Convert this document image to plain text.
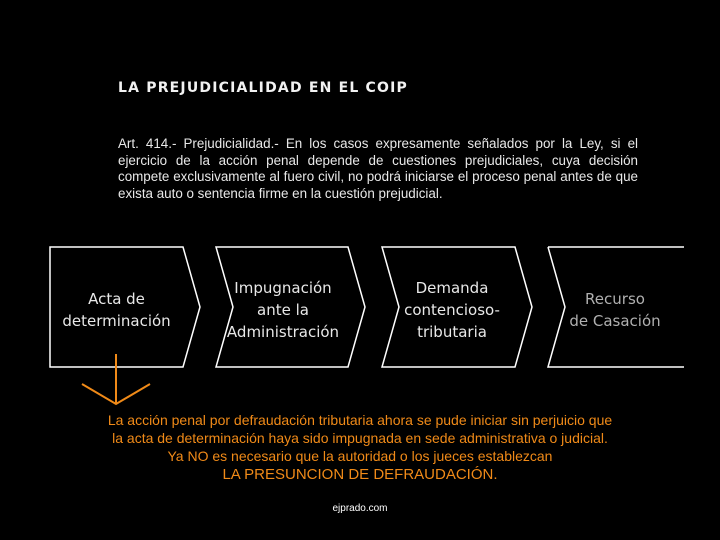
LA PREJUDICIALIDAD EN EL COIP
Art. 414.- Prejudicialidad.- En los casos expresamente señalados por la Ley, si el ejercicio de la acción penal depende de cuestiones prejudiciales, cuya decisión compete exclusivamente al fuero civil, no podrá iniciarse el proceso penal antes de que exista auto o sentencia firme en la cuestión prejudicial.
Acta de
determinación
Impugnación
ante la
Administración
Demanda
contencioso-
tributaria
Recurso
de Casación
La acción penal por defraudación tributaria ahora se pude iniciar sin perjuicio que
la acta de determinación haya sido impugnada en sede administrativa o judicial.
Ya NO es necesario que la autoridad o los jueces establezcan
LA PRESUNCION DE DEFRAUDACIÓN.
ejprado.com
